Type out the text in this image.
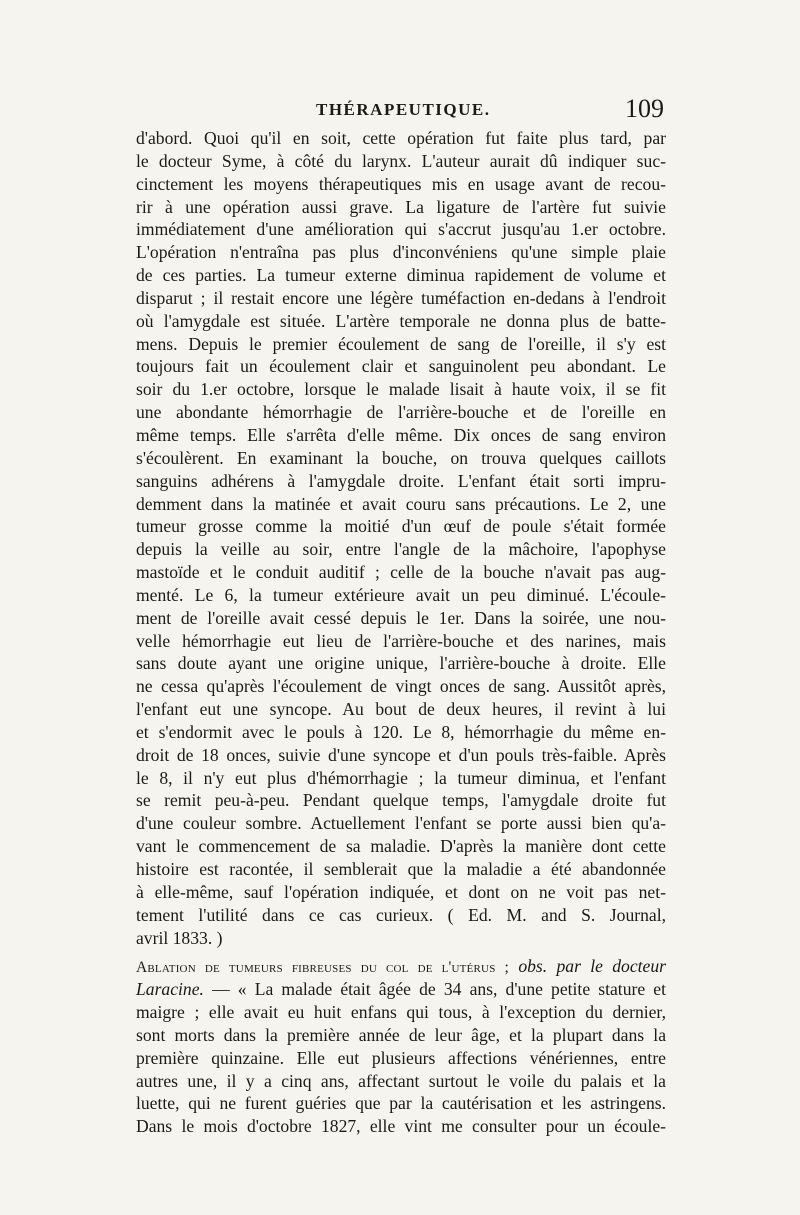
THÉRAPEUTIQUE.	109
d'abord. Quoi qu'il en soit, cette opération fut faite plus tard, par
le docteur Syme, à côté du larynx. L'auteur aurait dû indiquer suc-
cinctement les moyens thérapeutiques mis en usage avant de recou-
rir à une opération aussi grave. La ligature de l'artère fut suivie
immédiatement d'une amélioration qui s'accrut jusqu'au 1.er octobre.
L'opération n'entraîna pas plus d'inconvéniens qu'une simple plaie
de ces parties. La tumeur externe diminua rapidement de volume et
disparut ; il restait encore une légère tuméfaction en-dedans à l'endroit
où l'amygdale est située. L'artère temporale ne donna plus de batte-
mens. Depuis le premier écoulement de sang de l'oreille, il s'y est
toujours fait un écoulement clair et sanguinolent peu abondant. Le
soir du 1.er octobre, lorsque le malade lisait à haute voix, il se fit
une abondante hémorrhagie de l'arrière-bouche et de l'oreille en
même temps. Elle s'arrêta d'elle même. Dix onces de sang environ
s'écoulèrent. En examinant la bouche, on trouva quelques caillots
sanguins adhérens à l'amygdale droite. L'enfant était sorti impru-
demment dans la matinée et avait couru sans précautions. Le 2, une
tumeur grosse comme la moitié d'un œuf de poule s'était formée
depuis la veille au soir, entre l'angle de la mâchoire, l'apophyse
mastoïde et le conduit auditif ; celle de la bouche n'avait pas aug-
menté. Le 6, la tumeur extérieure avait un peu diminué. L'écoule-
ment de l'oreille avait cessé depuis le 1er. Dans la soirée, une nou-
velle hémorrhagie eut lieu de l'arrière-bouche et des narines, mais
sans doute ayant une origine unique, l'arrière-bouche à droite. Elle
ne cessa qu'après l'écoulement de vingt onces de sang. Aussitôt après,
l'enfant eut une syncope. Au bout de deux heures, il revint à lui
et s'endormit avec le pouls à 120. Le 8, hémorrhagie du même en-
droit de 18 onces, suivie d'une syncope et d'un pouls très-faible. Après
le 8, il n'y eut plus d'hémorrhagie ; la tumeur diminua, et l'enfant
se remit peu-à-peu. Pendant quelque temps, l'amygdale droite fut
d'une couleur sombre. Actuellement l'enfant se porte aussi bien qu'a-
vant le commencement de sa maladie. D'après la manière dont cette
histoire est racontée, il semblerait que la maladie a été abandonnée
à elle-même, sauf l'opération indiquée, et dont on ne voit pas net-
tement l'utilité dans ce cas curieux. ( Ed. M. and S. Journal,
avril 1833. )
Ablation de tumeurs fibreuses du col de l'utérus ; obs. par le docteur
Laracine. — « La malade était âgée de 34 ans, d'une petite stature et
maigre ; elle avait eu huit enfans qui tous, à l'exception du dernier,
sont morts dans la première année de leur âge, et la plupart dans la
première quinzaine. Elle eut plusieurs affections vénériennes, entre
autres une, il y a cinq ans, affectant surtout le voile du palais et la
luette, qui ne furent guéries que par la cautérisation et les astringens.
Dans le mois d'octobre 1827, elle vint me consulter pour un écoule-
